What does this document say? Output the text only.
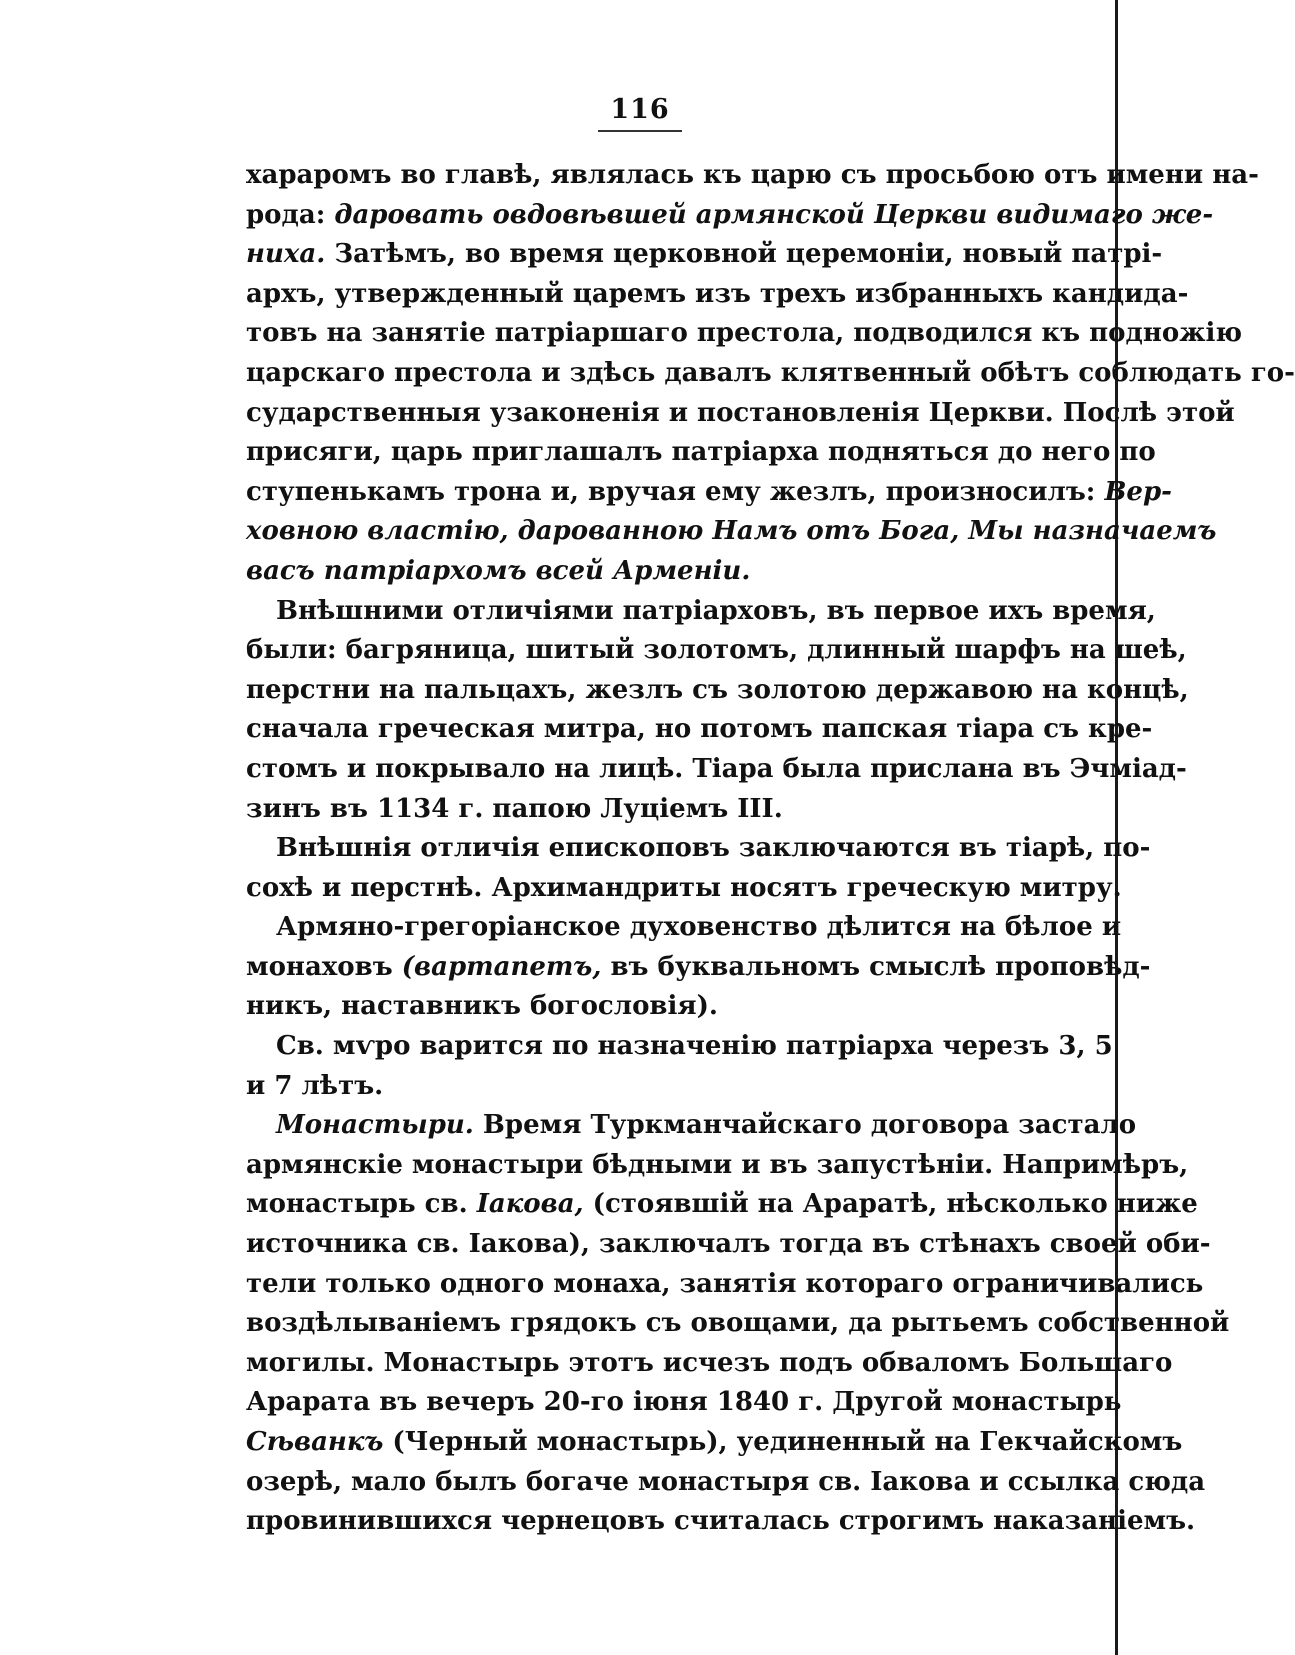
116
харaромъ во главѣ, являлась къ царю съ просьбою отъ имени на-
рода: даровать овдовѣвшей армянской Церкви видимаго же-
ниха. Затѣмъ, во время церковной церемоніи, новый патрі-
архъ, утвержденный царемъ изъ трехъ избранныхъ кандида-
товъ на занятіе патріаршаго престола, подводился къ подножію
царскаго престола и здѣсь давалъ клятвенный обѣтъ соблюдать го-
сударственныя узаконенія и постановленія Церкви. Послѣ этой
присяги, царь приглашалъ патріарха подняться до него по
ступенькамъ трона и, вручая ему жезлъ, произносилъ: Вер-
ховною властію, дарованною Намъ отъ Бога, Мы назначаемъ
васъ патріархомъ всей Арменіи.
Внѣшними отличіями патріарховъ, въ первое ихъ время,
были: багряница, шитый золотомъ, длинный шарфъ на шеѣ,
перстни на пальцахъ, жезлъ съ золотою державою на концѣ,
сначала греческая митра, но потомъ папская тіара съ кре-
стомъ и покрывало на лицѣ. Тіара была прислана въ Эчміад-
зинъ въ 1134 г. папою Луціемъ III.
Внѣшнія отличія епископовъ заключаются въ тіарѣ, по-
сохѣ и перстнѣ. Архимандриты носятъ греческую митру.
Армяно-грегоріанское духовенство дѣлится на бѣлое и
монаховъ (вартапетъ, въ буквальномъ смыслѣ проповѣд-
никъ, наставникъ богословія).
Св. мѵро варится по назначенію патріарха черезъ 3, 5
и 7 лѣтъ.
Монастыри. Время Туркманчайскаго договора застало
армянскіе монастыри бѣдными и въ запустѣніи. Напримѣръ,
монастырь св. Іакова, (стоявшій на Араратѣ, нѣсколько ниже
источника св. Іакова), заключалъ тогда въ стѣнахъ своей оби-
тели только одного монаха, занятія котораго ограничивались
воздѣлываніемъ грядокъ съ овощами, да рытьемъ собственной
могилы. Монастырь этотъ исчезъ подъ обваломъ Большаго
Арарата въ вечеръ 20-го іюня 1840 г. Другой монастырь
Сѣванкъ (Черный монастырь), уединенный на Гекчайскомъ
озерѣ, мало былъ богаче монастыря св. Іакова и ссылка сюда
провинившихся чернецовъ считалась строгимъ наказаніемъ.
